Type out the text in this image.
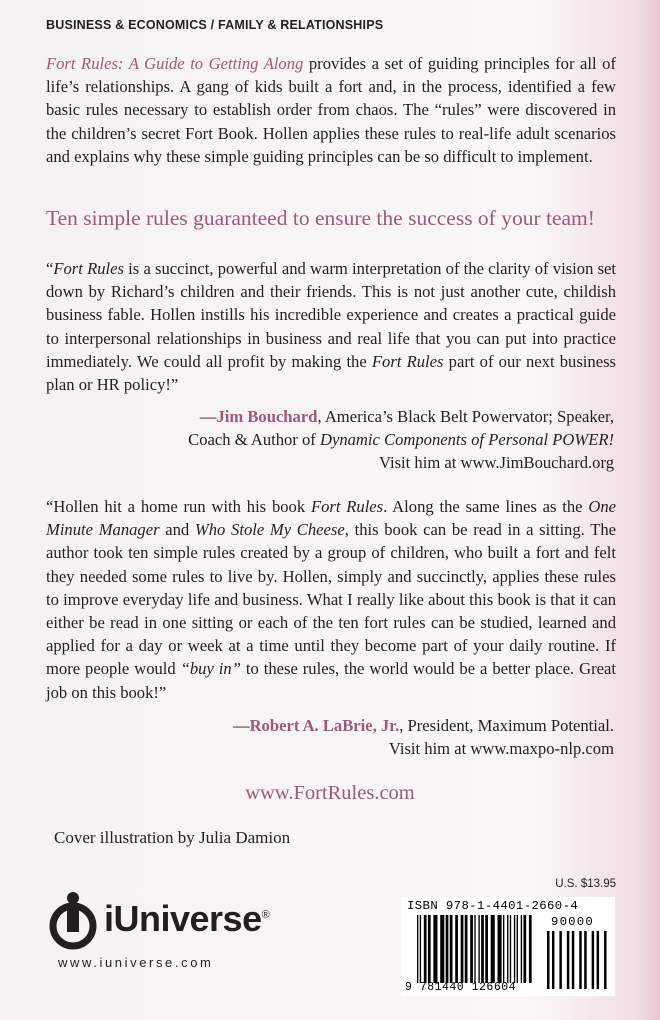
BUSINESS & ECONOMICS / FAMILY & RELATIONSHIPS

Fort Rules: A Guide to Getting Along provides a set of guiding principles for all of life’s relationships. A gang of kids built a fort and, in the process, identified a few basic rules necessary to establish order from chaos. The “rules” were discovered in the children’s secret Fort Book. Hollen applies these rules to real-life adult scenarios and explains why these simple guiding principles can be so difficult to implement.

Ten simple rules guaranteed to ensure the success of your team!

“Fort Rules is a succinct, powerful and warm interpretation of the clarity of vision set down by Richard’s children and their friends. This is not just another cute, childish business fable. Hollen instills his incredible experience and creates a practical guide to interpersonal relationships in business and real life that you can put into practice immediately. We could all profit by making the Fort Rules part of our next business plan or HR policy!”

—Jim Bouchard, America’s Black Belt Powervator; Speaker,
Coach & Author of Dynamic Components of Personal POWER!
Visit him at www.JimBouchard.org

“Hollen hit a home run with his book Fort Rules. Along the same lines as the One Minute Manager and Who Stole My Cheese, this book can be read in a sitting. The author took ten simple rules created by a group of children, who built a fort and felt they needed some rules to live by. Hollen, simply and succinctly, applies these rules to improve everyday life and business. What I really like about this book is that it can either be read in one sitting or each of the ten fort rules can be studied, learned and applied for a day or week at a time until they become part of your daily routine. If more people would “buy in” to these rules, the world would be a better place. Great job on this book!”

—Robert A. LaBrie, Jr., President, Maximum Potential.
Visit him at www.maxpo-nlp.com
www.FortRules.com
Cover illustration by Julia Damion
U.S. $13.95
ISBN 978-1-4401-2660-4
90000
9 781440 126604
iUniverse®
www.iuniverse.com
